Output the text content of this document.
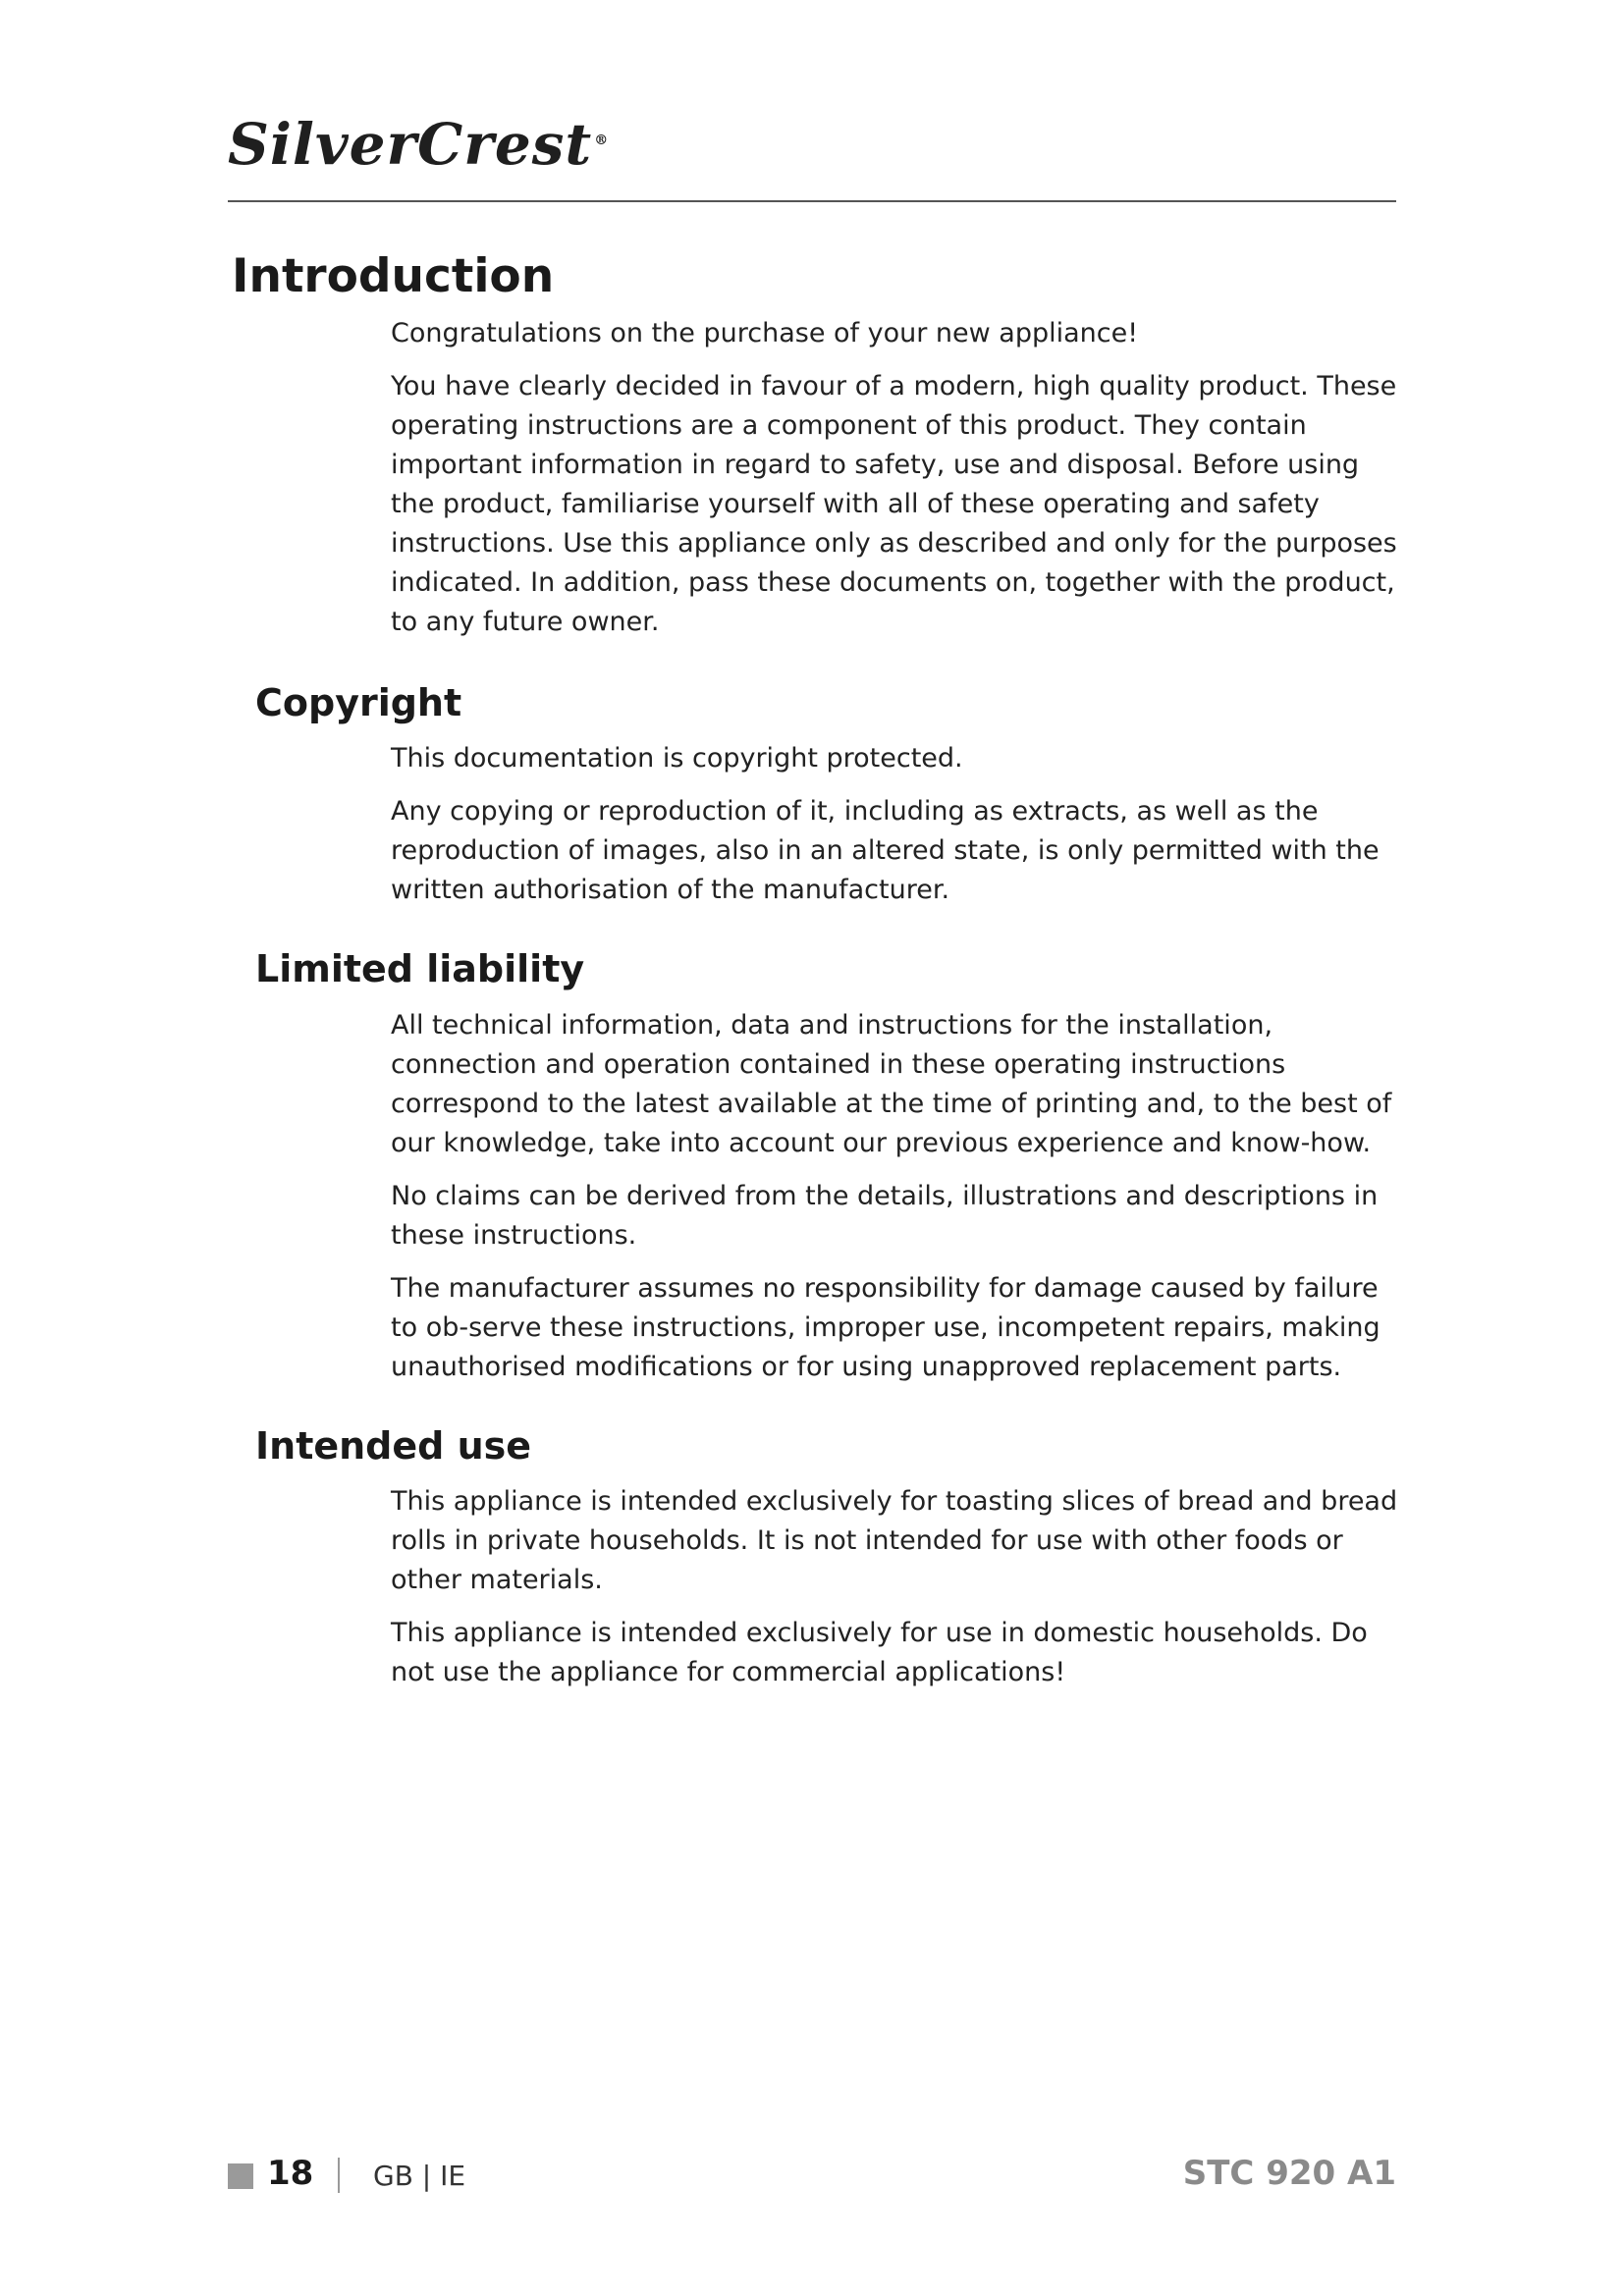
SilverCrest ®
Introduction

Congratulations on the purchase of your new appliance!

You have clearly decided in favour of a modern, high quality product. These operating instructions are a component of this product. They contain important information in regard to safety, use and disposal. Before using the product, familiarise yourself with all of these operating and safety instructions. Use this appliance only as described and only for the purposes indicated. In addition, pass these documents on, together with the product, to any future owner.

Copyright

This documentation is copyright protected.

Any copying or reproduction of it, including as extracts, as well as the reproduction of images, also in an altered state, is only permitted with the written authorisation of the manufacturer.

Limited liability

All technical information, data and instructions for the installation, connection and operation contained in these operating instructions correspond to the latest available at the time of printing and, to the best of our knowledge, take into account our previous experience and know-how.

No claims can be derived from the details, illustrations and descriptions in these instructions.

The manufacturer assumes no responsibility for damage caused by failure to ob-serve these instructions, improper use, incompetent repairs, making unauthorised modifications or for using unapproved replacement parts.

Intended use

This appliance is intended exclusively for toasting slices of bread and bread rolls in private households. It is not intended for use with other foods or other materials.

This appliance is intended exclusively for use in domestic households. Do not use the appliance for commercial applications!

18 GB | IE	STC 920 A1
